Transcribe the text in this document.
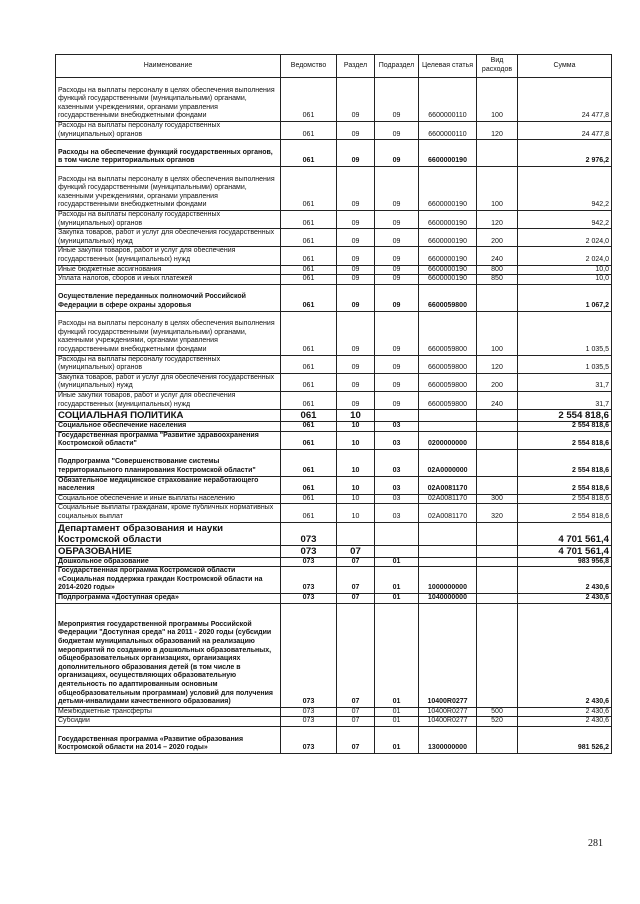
Наименование	Ведомство	Раздел	Подраздел	Целевая статья	Вид расходов	Сумма
Расходы на выплаты персоналу в целях обеспечения выполнения функций государственными (муниципальными) органами, казенными учреждениями, органами управления государственными внебюджетными фондами	061	09	09	6600000110	100	24 477,8
Расходы на выплаты персоналу государственных (муниципальных) органов	061	09	09	6600000110	120	24 477,8
Расходы на обеспечение функций государственных органов, в том числе территориальных органов	061	09	09	6600000190		2 976,2
Расходы на выплаты персоналу в целях обеспечения выполнения функций государственными (муниципальными) органами, казенными учреждениями, органами управления государственными внебюджетными фондами	061	09	09	6600000190	100	942,2
Расходы на выплаты персоналу государственных (муниципальных) органов	061	09	09	6600000190	120	942,2
Закупка товаров, работ и услуг для обеспечения государственных (муниципальных) нужд	061	09	09	6600000190	200	2 024,0
Иные закупки товаров, работ и услуг для обеспечения государственных (муниципальных) нужд	061	09	09	6600000190	240	2 024,0
Иные бюджетные ассигнования	061	09	09	6600000190	800	10,0
Уплата налогов, сборов и иных платежей	061	09	09	6600000190	850	10,0
Осуществление переданных полномочий Российской Федерации в сфере охраны здоровья	061	09	09	6600059800		1 067,2
Расходы на выплаты персоналу в целях обеспечения выполнения функций государственными (муниципальными) органами, казенными учреждениями, органами управления государственными внебюджетными фондами	061	09	09	6600059800	100	1 035,5
Расходы на выплаты персоналу государственных (муниципальных) органов	061	09	09	6600059800	120	1 035,5
Закупка товаров, работ и услуг для обеспечения государственных (муниципальных) нужд	061	09	09	6600059800	200	31,7
Иные закупки товаров, работ и услуг для обеспечения государственных (муниципальных) нужд	061	09	09	6600059800	240	31,7
СОЦИАЛЬНАЯ ПОЛИТИКА	061	10				2 554 818,6
Социальное обеспечение населения	061	10	03			2 554 818,6
Государственная программа "Развитие здравоохранения Костромской области"	061	10	03	0200000000		2 554 818,6
Подпрограмма "Совершенствование системы территориального планирования Костромской области"	061	10	03	02А0000000		2 554 818,6
Обязательное медицинское страхование неработающего населения	061	10	03	02А0081170		2 554 818,6
Социальное обеспечение и иные выплаты населению	061	10	03	02А0081170	300	2 554 818,6
Социальные выплаты гражданам, кроме публичных нормативных социальных выплат	061	10	03	02А0081170	320	2 554 818,6
Департамент образования и науки Костромской области	073					4 701 561,4
ОБРАЗОВАНИЕ	073	07				4 701 561,4
Дошкольное образование	073	07	01			983 956,8
Государственная программа Костромской области «Социальная поддержка граждан Костромской области на 2014-2020 годы»	073	07	01	1000000000		2 430,6
Подпрограмма «Доступная среда»	073	07	01	1040000000		2 430,6
Мероприятия государственной программы Российской Федерации "Доступная среда" на 2011 - 2020 годы (субсидии бюджетам муниципальных образований на реализацию мероприятий по созданию в дошкольных образовательных, общеобразовательных организациях, организациях дополнительного образования детей (в том числе в организациях, осуществляющих образовательную деятельность по адаптированным основным общеобразовательным программам) условий для получения детьми-инвалидами качественного образования)	073	07	01	10400R0277		2 430,6
Межбюджетные трансферты	073	07	01	10400R0277	500	2 430,6
Субсидии	073	07	01	10400R0277	520	2 430,6
Государственная программа «Развитие образования Костромской области на 2014 – 2020 годы»	073	07	01	1300000000		981 526,2
281
